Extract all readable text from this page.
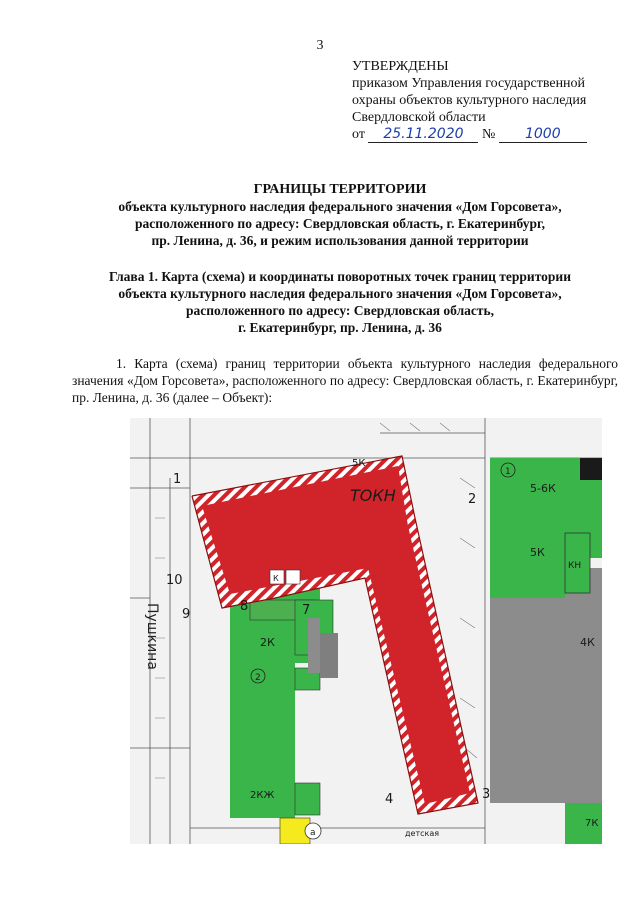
3
УТВЕРЖДЕНЫ
приказом Управления государственной
охраны объектов культурного наследия
Свердловской области
от 25.11.2020 № 1000
ГРАНИЦЫ ТЕРРИТОРИИ
объекта культурного наследия федерального значения «Дом Горсовета»,
расположенного по адресу: Свердловская область, г. Екатеринбург,
пр. Ленина, д. 36, и режим использования данной территории
Глава 1. Карта (схема) и координаты поворотных точек границ территории
объекта культурного наследия федерального значения «Дом Горсовета»,
расположенного по адресу: Свердловская область,
г. Екатеринбург, пр. Ленина, д. 36
1. Карта (схема) границ территории объекта культурного наследия федерального значения «Дом Горсовета», расположенного по адресу: Свердловская область, г. Екатеринбург, пр. Ленина, д. 36 (далее – Объект):
Пушкина
ТОКН
5К
5-6К
5К
КН
4К
7К
2К
2КЖ
К
8	7
9
10
1
2
3
4
1
2
а	детская
